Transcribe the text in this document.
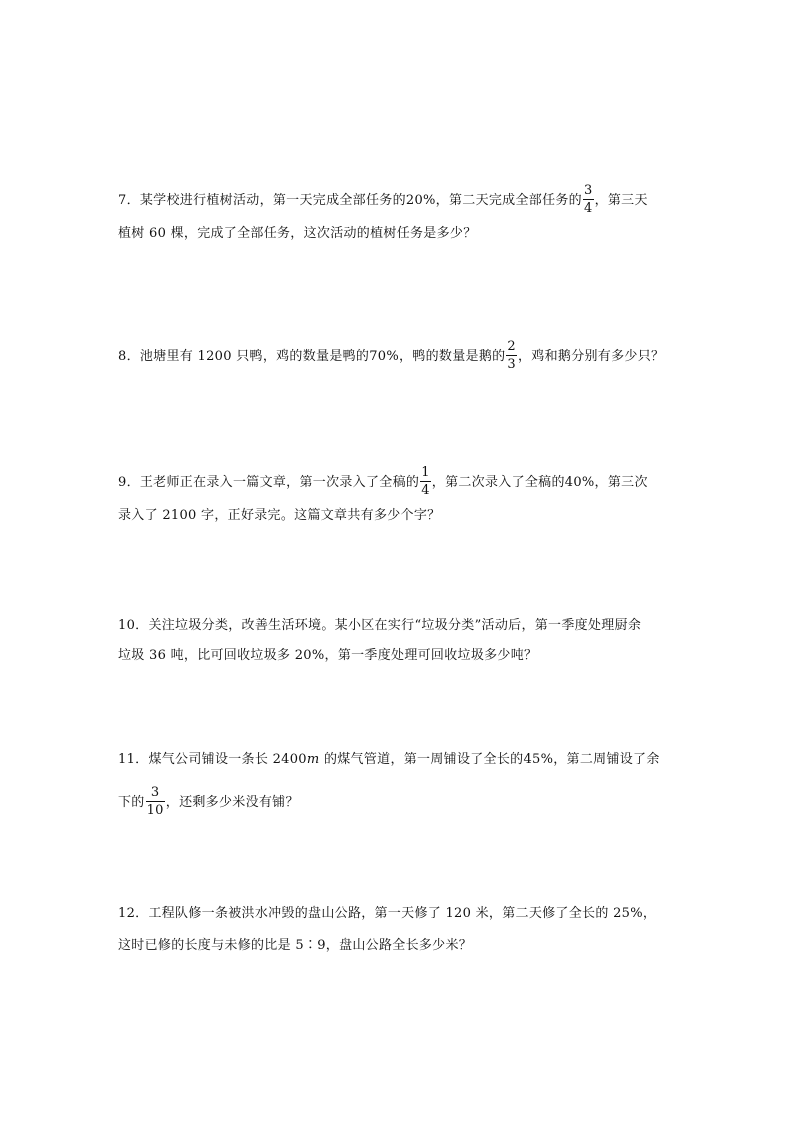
7．某学校进行植树活动，第一天完成全部任务的20%，第二天完成全部任务的 $\frac{3}{4}$ ，第三天
植树 60 棵，完成了全部任务，这次活动的植树任务是多少？
8．池塘里有 1200 只鸭，鸡的数量是鸭的70%，鸭的数量是鹅的 $\frac{2}{3}$ ，鸡和鹅分别有多少只？
9．王老师正在录入一篇文章，第一次录入了全稿的 $\frac{1}{4}$ ，第二次录入了全稿的40%，第三次
录入了 2100 字，正好录完。这篇文章共有多少个字？
10．关注垃圾分类，改善生活环境。某小区在实行“垃圾分类”活动后，第一季度处理厨余
垃圾 36 吨，比可回收垃圾多 20%，第一季度处理可回收垃圾多少吨？
11．煤气公司铺设一条长 2400m 的煤气管道，第一周铺设了全长的45%，第二周铺设了余
下的 $\frac{3}{10}$ ，还剩多少米没有铺？
12．工程队修一条被洪水冲毁的盘山公路，第一天修了 120 米，第二天修了全长的 25%，
这时已修的长度与未修的比是 5∶9，盘山公路全长多少米？
